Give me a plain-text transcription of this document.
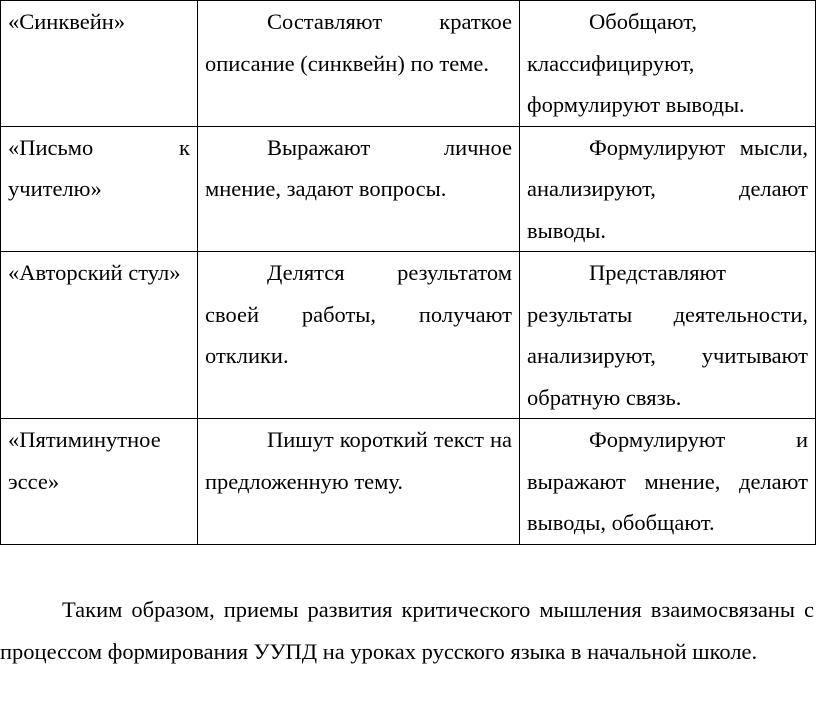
«Синквейн»	Составляют краткое описание (синквейн) по теме.	Обобщают, классифицируют, формулируют выводы.

«Письмо к учителю»	Выражают личное мнение, задают вопросы.	Формулируют мысли, анализируют, делают выводы.

«Авторский стул»	Делятся результатом своей работы, получают отклики.	Представляют результаты деятельности, анализируют, учитывают обратную связь.

«Пятиминутное эссе»	Пишут короткий текст на предложенную тему.	Формулируют и выражают мнение, делают выводы, обобщают.

Таким образом, приемы развития критического мышления взаимосвязаны с процессом формирования УУПД на уроках русского языка в начальной школе.
